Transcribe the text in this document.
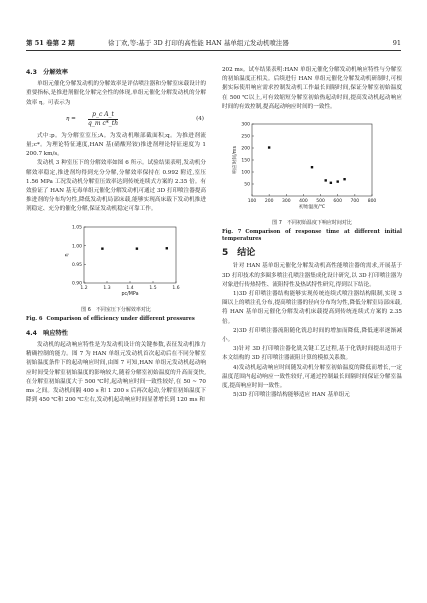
第 51 卷第 2 期	徐丁欢,等:基于 3D 打印的高性能 HAN 基单组元发动机喷注器	91
4.3　分解效率

单组元催化分解发动机的分解效率是评估喷注器和分解室床载设计的重要指标,是推进剂催化分解完全性的体现,单组元催化分解发动机的分解效率 η。可表示为

$\eta = \frac{\text{p\_c A\_t}}{\text{q\_m c*\_th}}$	(4)

式中:p。为分解室室压;A。为发动机喉部截面积;q。为推进剂流量;c*。为理论特征速度,HAN 基(硝酸羟铵)推进剂理论特征速度为 1 200.7 km/s。

发动机 3 种室压下的分解效率如图 6 所示。试验结果表明,发动机分解效率稳定,推进剂均得到充分分解,分解效率保持在 0.992 附近,室压 1.56 MPa 工况发动机分解室压效率达到传统连续式方案的 2.35 倍。有效验证了 HAN 基无毒单组元催化分解发动机可通过 3D 打印喷注器提高推进剂的分布均匀性,降低发动机局部床载,能够实现高床载下发动机推进剂稳定、充分的催化分解,保证发动机稳定可靠工作。

1.2	1.3	1.4	1.5	1.6
0.90
0.95
1.00
1.05
pc/MPa
η
图 6　不同室压下分解效率对比
Fig. 6 Comparison of efficiency under different pressures
4.4　响应特性

发动机的起动响应特性是为发动机设计的关键参数,表征发动机推力精确控制的能力。图 7 为 HAN 单组元发动机首次起动后在不同分解室初始温度条件下的起动响应时间,由图 7 可知,HAN 单组元发动机起动响应时间受分解室初始温度的影响较大,随着分解室初始温度的升高而变快,在分解室初始温度大于 500 ℃时,起动响应时间一致性较好,在 50 ~ 70 ms 之间。发动机间隔 400 s 和 1 200 s 后再次起动,分解室初始温度下降到 450 ℃和 200 ℃左右,发动机起动响应时间显著增长到 120 ms 和

202 ms。试车结果表明:HAN 单组元催化分解发动机响应特性与分解室的初始温度正相关。后续进行 HAN 单组元催化分解发动机研制时,可根据实际使用响应需求控制发动机工作最长间隔时间,保证分解室初始温度在 500 ℃以上,可有效缩短分解室初始热起动时间,提高发动机起动响应时间的有效控制,提高起动响应时间的一致性。

100 200 300 400 500 600 700 800
50
100
150
200
250
300
初始温度/℃
响应时间/ms
图 7　不同初始温度下响应时间对比
Fig. 7 Comparison of response time at different initial temperatures
5　结论

针对 HAN 基单组元催化分解发动机高性能喷注器的需求,开展基于 3D 打印技术的多圈多喷注孔喷注器集成化设计研究,以 3D 打印喷注器为对象进行传热特性、流阻特性及热试特性研究,得到以下结论。

1)3D 打印喷注器结构能够实现传统连续式喷注器结构限制,实现 3 圈以上的喷注孔分布,提高喷注器的径向分布均匀性,降低分解室局部床载,将 HAN 基单组元催化分解发动机床载提高到传统连续式方案的 2.35 倍。

2)3D 打印喷注器流阻随化铣总时间的增加而降低,降低速率逐渐减小。

3)针对 3D 打印喷注器化铣关键工艺过程,基于化铣时间提出适用于本文结构的 3D 打印喷注器流阻计算的模拟关系数。

4)发动机起动响应时间随发动机分解室初始温度的降低而增长,一定温度范围内起动响应一致性较好,可通过控制最长间隔时间保证分解室温度,提高响应时间一致性。

5)3D 打印喷注器结构能够适应 HAN 基单组元
